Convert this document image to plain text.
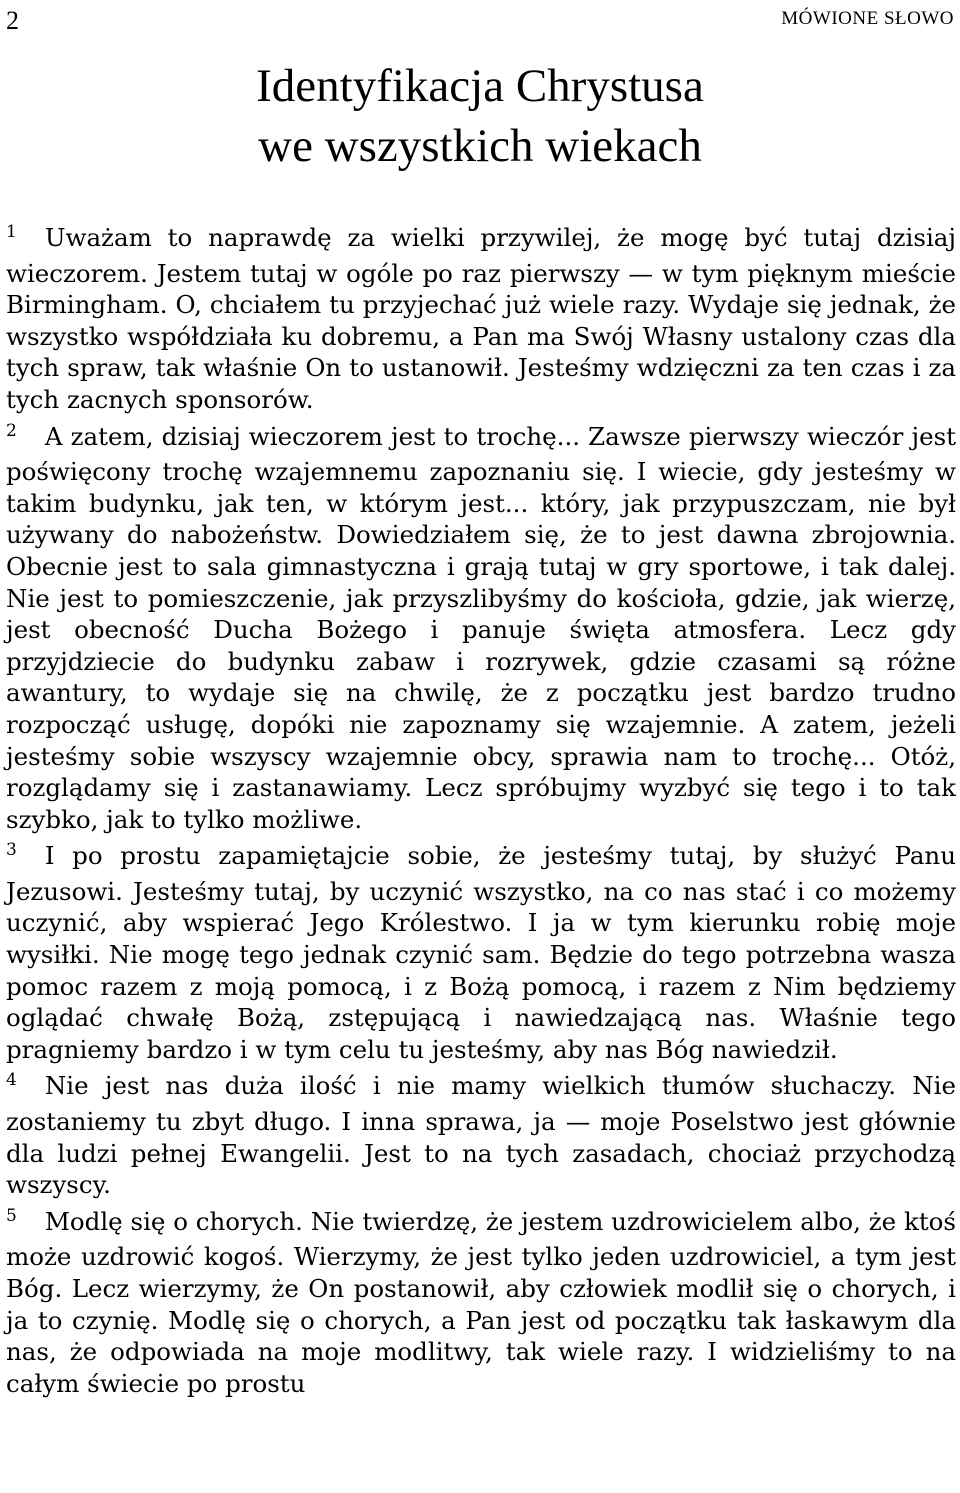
2	MÓWIONE SŁOWO
Identyfikacja Chrystusa
we wszystkich wiekach

$^1$ Uważam to naprawdę za wielki przywilej, że mogę być tutaj dzisiaj wieczorem. Jestem tutaj w ogóle po raz pierwszy — w tym pięknym mieście Birmingham. O, chciałem tu przyjechać już wiele razy. Wydaje się jednak, że wszystko współdziała ku dobremu, a Pan ma Swój Własny ustalony czas dla tych spraw, tak właśnie On to ustanowił. Jesteśmy wdzięczni za ten czas i za tych zacnych sponsorów.

$^2$ A zatem, dzisiaj wieczorem jest to trochę... Zawsze pierwszy wieczór jest poświęcony trochę wzajemnemu zapoznaniu się. I wiecie, gdy jesteśmy w takim budynku, jak ten, w którym jest... który, jak przypuszczam, nie był używany do nabożeństw. Dowiedziałem się, że to jest dawna zbrojownia. Obecnie jest to sala gimnastyczna i grają tutaj w gry sportowe, i tak dalej. Nie jest to pomieszczenie, jak przyszlibyśmy do kościoła, gdzie, jak wierzę, jest obecność Ducha Bożego i panuje święta atmosfera. Lecz gdy przyjdziecie do budynku zabaw i rozrywek, gdzie czasami są różne awantury, to wydaje się na chwilę, że z początku jest bardzo trudno rozpocząć usługę, dopóki nie zapoznamy się wzajemnie. A zatem, jeżeli jesteśmy sobie wszyscy wzajemnie obcy, sprawia nam to trochę... Otóż, rozglądamy się i zastanawiamy. Lecz spróbujmy wyzbyć się tego i to tak szybko, jak to tylko możliwe.

$^3$ I po prostu zapamiętajcie sobie, że jesteśmy tutaj, by służyć Panu Jezusowi. Jesteśmy tutaj, by uczynić wszystko, na co nas stać i co możemy uczynić, aby wspierać Jego Królestwo. I ja w tym kierunku robię moje wysiłki. Nie mogę tego jednak czynić sam. Będzie do tego potrzebna wasza pomoc razem z moją pomocą, i z Bożą pomocą, i razem z Nim będziemy oglądać chwałę Bożą, zstępującą i nawiedzającą nas. Właśnie tego pragniemy bardzo i w tym celu tu jesteśmy, aby nas Bóg nawiedził.

$^4$ Nie jest nas duża ilość i nie mamy wielkich tłumów słuchaczy. Nie zostaniemy tu zbyt długo. I inna sprawa, ja — moje Poselstwo jest głównie dla ludzi pełnej Ewangelii. Jest to na tych zasadach, chociaż przychodzą wszyscy.

$^5$ Modlę się o chorych. Nie twierdzę, że jestem uzdrowicielem albo, że ktoś może uzdrowić kogoś. Wierzymy, że jest tylko jeden uzdrowiciel, a tym jest Bóg. Lecz wierzymy, że On postanowił, aby człowiek modlił się o chorych, i ja to czynię. Modlę się o chorych, a Pan jest od początku tak łaskawym dla nas, że odpowiada na moje modlitwy, tak wiele razy. I widzieliśmy to na całym świecie po prostu
